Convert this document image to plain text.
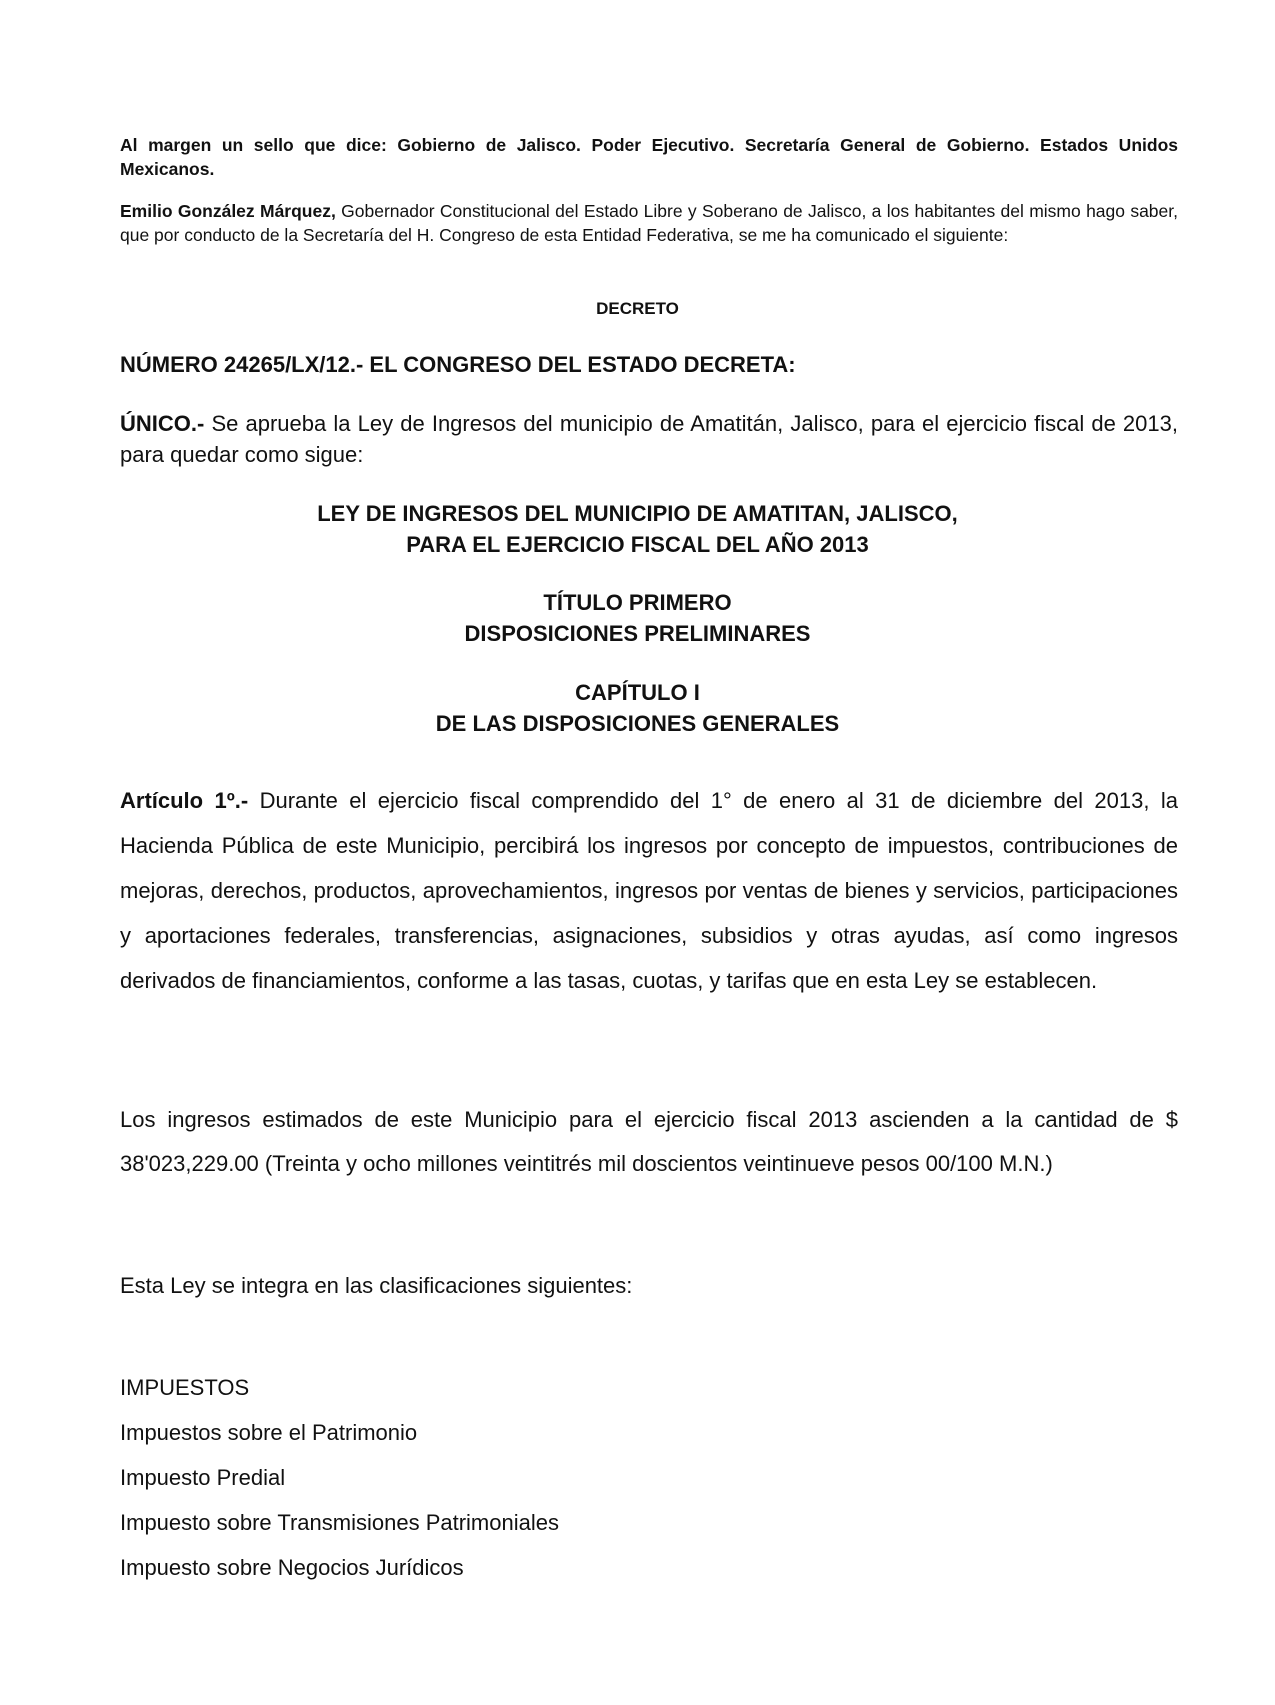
Al margen un sello que dice: Gobierno de Jalisco. Poder Ejecutivo. Secretaría General de Gobierno. Estados Unidos Mexicanos.
Emilio González Márquez, Gobernador Constitucional del Estado Libre y Soberano de Jalisco, a los habitantes del mismo hago saber, que por conducto de la Secretaría del H. Congreso de esta Entidad Federativa, se me ha comunicado el siguiente:
DECRETO
NÚMERO 24265/LX/12.- EL CONGRESO DEL ESTADO DECRETA:
ÚNICO.- Se aprueba la Ley de Ingresos del municipio de Amatitán, Jalisco, para el ejercicio fiscal de 2013, para quedar como sigue:
LEY DE INGRESOS DEL MUNICIPIO DE AMATITAN, JALISCO,
PARA EL EJERCICIO FISCAL DEL AÑO 2013
TÍTULO PRIMERO
DISPOSICIONES PRELIMINARES
CAPÍTULO I
DE LAS DISPOSICIONES GENERALES
Artículo 1º.- Durante el ejercicio fiscal comprendido del 1° de enero al 31 de diciembre del 2013, la Hacienda Pública de este Municipio, percibirá los ingresos por concepto de impuestos, contribuciones de mejoras, derechos, productos, aprovechamientos, ingresos por ventas de bienes y servicios, participaciones y aportaciones federales, transferencias, asignaciones, subsidios y otras ayudas, así como ingresos derivados de financiamientos, conforme a las tasas, cuotas, y tarifas que en esta Ley se establecen.
Los ingresos estimados de este Municipio para el ejercicio fiscal 2013 ascienden a la cantidad de $ 38'023,229.00 (Treinta y ocho millones veintitrés mil doscientos veintinueve pesos 00/100 M.N.)
Esta Ley se integra en las clasificaciones siguientes:
IMPUESTOS
Impuestos sobre el Patrimonio
Impuesto Predial
Impuesto sobre Transmisiones Patrimoniales
Impuesto sobre Negocios Jurídicos
